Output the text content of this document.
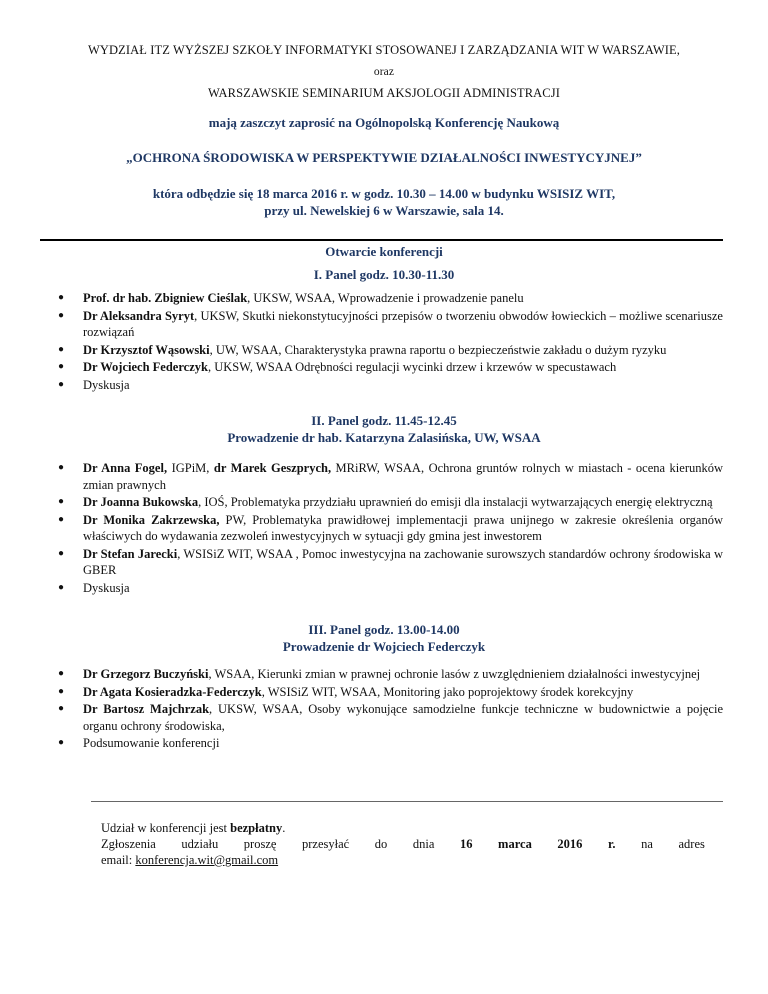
WYDZIAŁ ITZ WYŻSZEJ SZKOŁY INFORMATYKI STOSOWANEJ I ZARZĄDZANIA WIT W WARSZAWIE,
oraz
WARSZAWSKIE SEMINARIUM AKSJOLOGII ADMINISTRACJI
mają zaszczyt zaprosić na Ogólnopolską Konferencję Naukową
„OCHRONA ŚRODOWISKA W PERSPEKTYWIE DZIAŁALNOŚCI INWESTYCYJNEJ”
która odbędzie się 18 marca 2016 r. w godz. 10.30 – 14.00 w budynku WSISIZ WIT,
przy ul. Newelskiej 6 w Warszawie, sala 14.
Otwarcie konferencji
I. Panel godz. 10.30-11.30
● Prof. dr hab. Zbigniew Cieślak, UKSW, WSAA, Wprowadzenie i prowadzenie panelu
● Dr Aleksandra Syryt, UKSW, Skutki niekonstytucyjności przepisów o tworzeniu obwodów łowieckich – możliwe scenariusze rozwiązań
● Dr Krzysztof Wąsowski, UW, WSAA, Charakterystyka prawna raportu o bezpieczeństwie zakładu o dużym ryzyku
● Dr Wojciech Federczyk, UKSW, WSAA Odrębności regulacji wycinki drzew i krzewów w specustawach
● Dyskusja
II. Panel godz. 11.45-12.45
Prowadzenie dr hab. Katarzyna Zalasińska, UW, WSAA
● Dr Anna Fogel, IGPiM, dr Marek Geszprych, MRiRW, WSAA, Ochrona gruntów rolnych w miastach - ocena kierunków zmian prawnych
● Dr Joanna Bukowska, IOŚ, Problematyka przydziału uprawnień do emisji dla instalacji wytwarzających energię elektryczną
● Dr Monika Zakrzewska, PW, Problematyka prawidłowej implementacji prawa unijnego w zakresie określenia organów właściwych do wydawania zezwoleń inwestycyjnych w sytuacji gdy gmina jest inwestorem
● Dr Stefan Jarecki, WSISiZ WIT, WSAA , Pomoc inwestycyjna na zachowanie surowszych standardów ochrony środowiska w GBER
● Dyskusja
III. Panel godz. 13.00-14.00
Prowadzenie dr Wojciech Federczyk
● Dr Grzegorz Buczyński, WSAA, Kierunki zmian w prawnej ochronie lasów z uwzględnieniem działalności inwestycyjnej
● Dr Agata Kosieradzka-Federczyk, WSISiZ WIT, WSAA, Monitoring jako poprojektowy środek korekcyjny
● Dr Bartosz Majchrzak, UKSW, WSAA, Osoby wykonujące samodzielne funkcje techniczne w budownictwie a pojęcie organu ochrony środowiska,
● Podsumowanie konferencji
Udział w konferencji jest bezpłatny.
Zgłoszenia udziału proszę przesyłać do dnia 16 marca 2016 r. na adres
email: konferencja.wit@gmail.com
